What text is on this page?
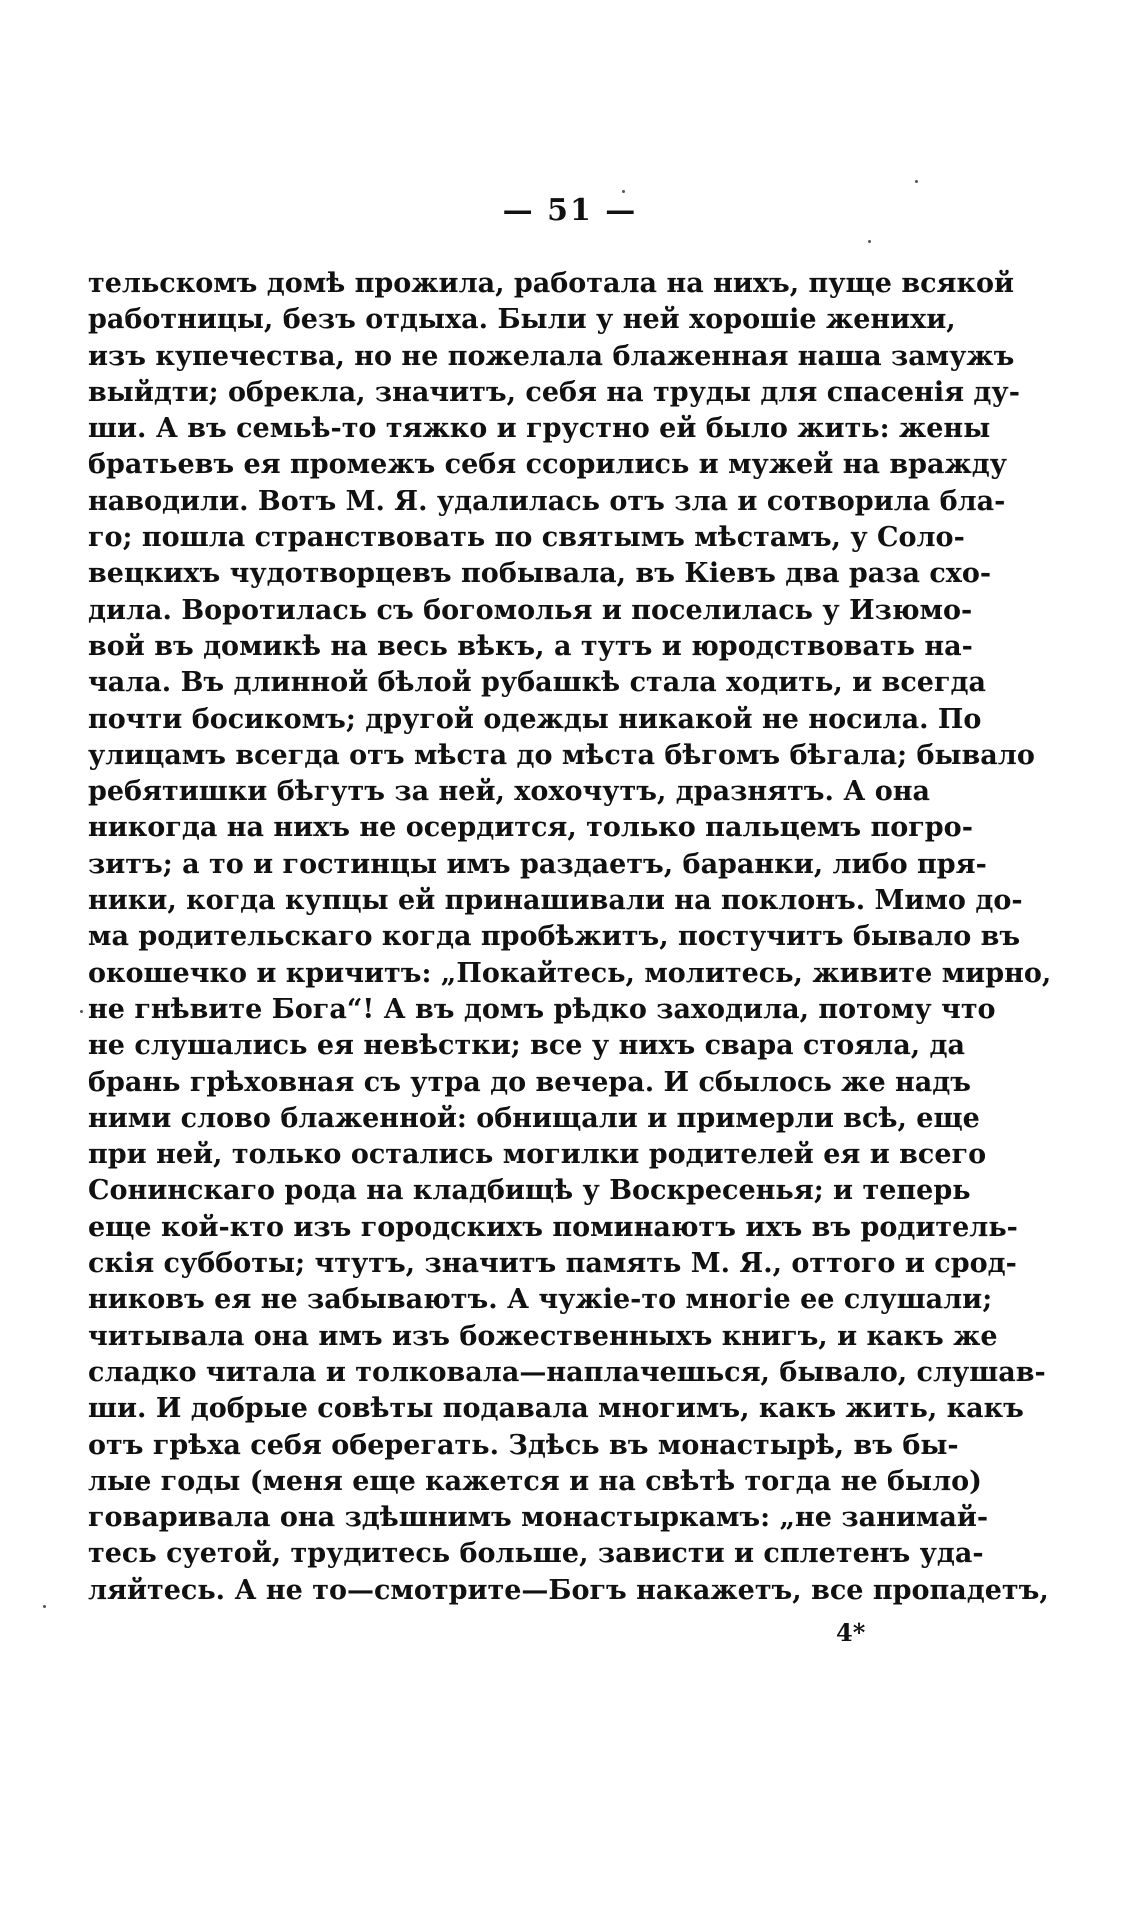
— 51 —
тельскомъ домѣ прожила, работала на нихъ, пуще всякой
работницы, безъ отдыха. Были у ней хорошіе женихи,
изъ купечества, но не пожелала блаженная наша замужъ
выйдти; обрекла, значитъ, себя на труды для спасенія ду-
ши. А въ семьѣ-то тяжко и грустно ей было жить: жены
братьевъ ея промежъ себя ссорились и мужей на вражду
наводили. Вотъ М. Я. удалилась отъ зла и сотворила бла-
го; пошла странствовать по святымъ мѣстамъ, у Соло-
вецкихъ чудотворцевъ побывала, въ Кіевъ два раза схо-
дила. Воротилась съ богомолья и поселилась у Изюмо-
вой въ домикѣ на весь вѣкъ, а тутъ и юродствовать на-
чала. Въ длинной бѣлой рубашкѣ стала ходить, и всегда
почти босикомъ; другой одежды никакой не носила. По
улицамъ всегда отъ мѣста до мѣста бѣгомъ бѣгала; бывало
ребятишки бѣгутъ за ней, хохочутъ, дразнятъ. А она
никогда на нихъ не осердится, только пальцемъ погро-
зитъ; а то и гостинцы имъ раздаетъ, баранки, либо пря-
ники, когда купцы ей принашивали на поклонъ. Мимо до-
ма родительскаго когда пробѣжитъ, постучитъ бывало въ
окошечко и кричитъ: „Покайтесь, молитесь, живите мирно,
не гнѣвите Бога“! А въ домъ рѣдко заходила, потому что
не слушались ея невѣстки; все у нихъ свара стояла, да
брань грѣховная съ утра до вечера. И сбылось же надъ
ними слово блаженной: обнищали и примерли всѣ, еще
при ней, только остались могилки родителей ея и всего
Сонинскаго рода на кладбищѣ у Воскресенья; и теперь
еще кой-кто изъ городскихъ поминаютъ ихъ въ родитель-
скія субботы; чтутъ, значитъ память М. Я., оттого и срод-
никовъ ея не забываютъ. А чужіе-то многіе ее слушали;
читывала она имъ изъ божественныхъ книгъ, и какъ же
сладко читала и толковала—наплачешься, бывало, слушав-
ши. И добрые совѣты подавала многимъ, какъ жить, какъ
отъ грѣха себя оберегать. Здѣсь въ монастырѣ, въ бы-
лые годы (меня еще кажется и на свѣтѣ тогда не было)
говаривала она здѣшнимъ монастыркамъ: „не занимай-
тесь суетой, трудитесь больше, зависти и сплетенъ уда-
ляйтесь. А не то—смотрите—Богъ накажетъ, все пропадетъ,
4*
